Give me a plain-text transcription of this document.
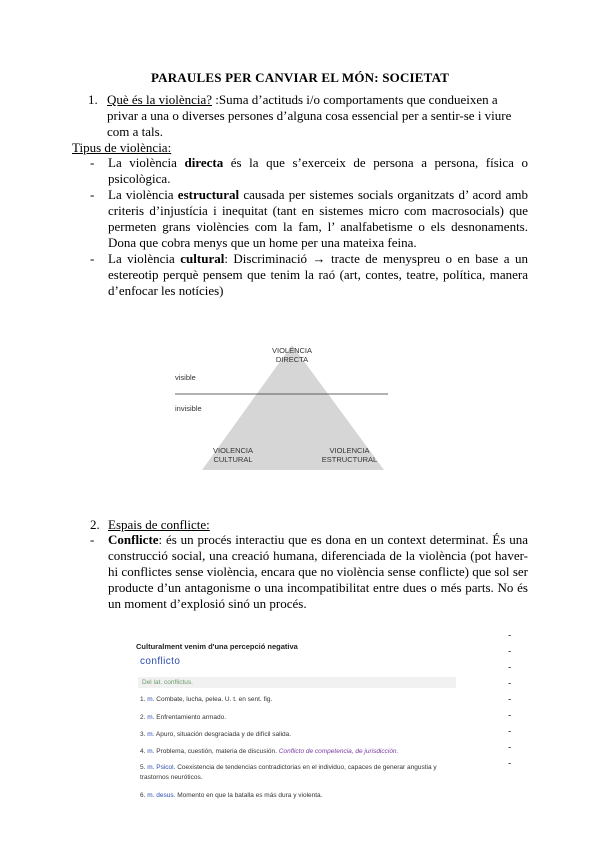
PARAULES PER CANVIAR EL MÓN: SOCIETAT
1. Què és la violència? :Suma d’actituds i/o comportaments que condueixen a
privar a una o diverses persones d’alguna cosa essencial per a sentir-se i viure
com a tals.
Tipus de violència:
- La violència directa és la que s’exerceix de persona a persona, física o psicològica.
- La violència estructural causada per sistemes socials organitzats d’ acord amb criteris d’injustícia i inequitat (tant en sistemes micro com macrosocials) que permeten grans violències com la fam, l’ analfabetisme o els desnonaments. Dona que cobra menys que un home per una mateixa feina.
- La violència cultural: Discriminació → tracte de menyspreu o en base a un estereotip perquè pensem que tenim la raó (art, contes, teatre, política, manera d’enfocar les notícies)
VIOLENCIA
DIRECTA
visible
invisible
VIOLENCIA
CULTURAL
VIOLENCIA
ESTRUCTURAL
2. Espais de conflicte:
- Conflicte: és un procés interactiu que es dona en un context determinat. És una construcció social, una creació humana, diferenciada de la violència (pot haver-hi conflictes sense violència, encara que no violència sense conflicte) que sol ser producte d’un antagonisme o una incompatibilitat entre dues o més parts. No és un moment d’explosió sinó un procés.
Culturalment venim d'una percepció negativa
conflicto
Del lat. conflictus.
1. m. Combate, lucha, pelea. U. t. en sent. fig.
2. m. Enfrentamiento armado.
3. m. Apuro, situación desgraciada y de difícil salida.
4. m. Problema, cuestión, materia de discusión. Conflicto de competencia, de jurisdicción.
5. m. Psicol. Coexistencia de tendencias contradictorias en el individuo, capaces de generar angustia y trastornos neuróticos.
6. m. desus. Momento en que la batalla es más dura y violenta.
-
-
-
-
-
-
-
-
-
